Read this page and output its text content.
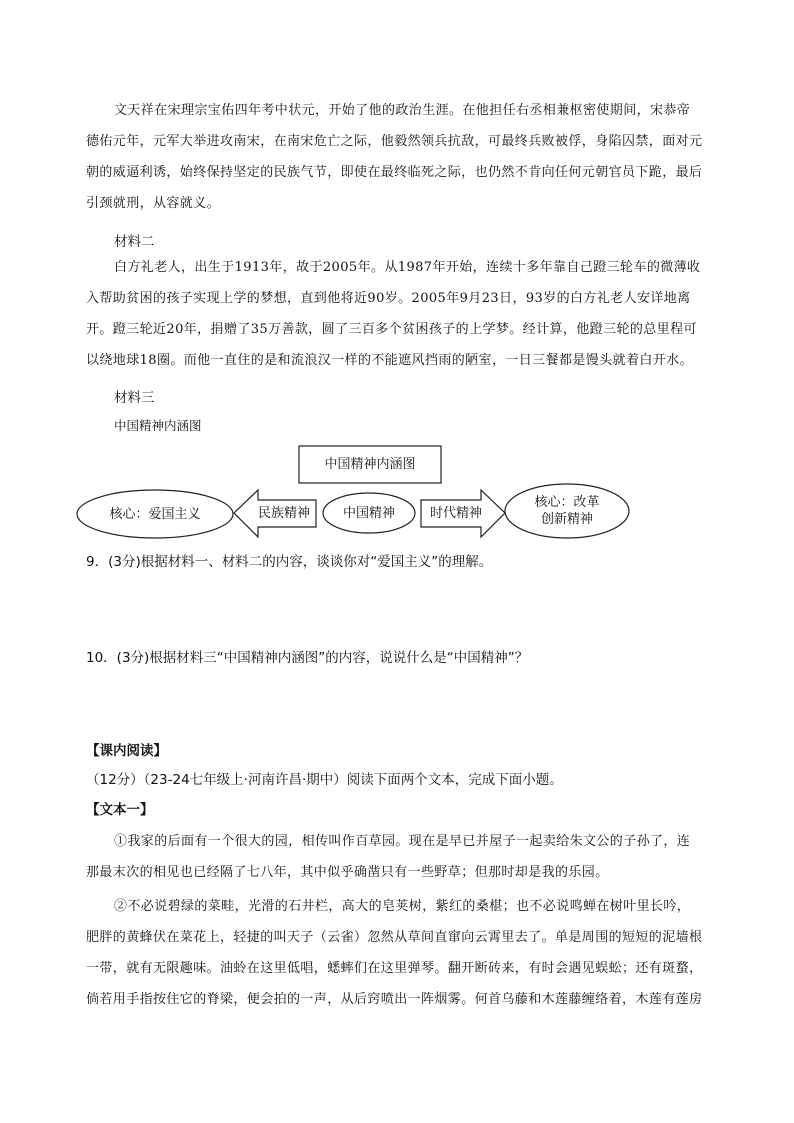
文天祥在宋理宗宝佑四年考中状元，开始了他的政治生涯。在他担任右丞相兼枢密使期间，宋恭帝
德佑元年，元军大举进攻南宋，在南宋危亡之际，他毅然领兵抗敌，可最终兵败被俘，身陷囚禁，面对元
朝的威逼利诱，始终保持坚定的民族气节，即使在最终临死之际，也仍然不肯向任何元朝官员下跪，最后
引颈就刑，从容就义。
材料二
白方礼老人，出生于1913年，故于2005年。从1987年开始，连续十多年靠自己蹬三轮车的微薄收
入帮助贫困的孩子实现上学的梦想，直到他将近90岁。2005年9月23日，93岁的白方礼老人安详地离
开。蹬三轮近20年，捐赠了35万善款，圆了三百多个贫困孩子的上学梦。经计算，他蹬三轮的总里程可
以绕地球18圈。而他一直住的是和流浪汉一样的不能遮风挡雨的陋室，一日三餐都是馒头就着白开水。
材料三
中国精神内涵图
中国精神内涵图
核心：爱国主义	民族精神	中国精神	时代精神
核心：改革
创新精神
9．(3分)根据材料一、材料二的内容，谈谈你对“爱国主义”的理解。
10．(3分)根据材料三“中国精神内涵图”的内容，说说什么是“中国精神”？
【课内阅读】
（12分）（23-24七年级上·河南许昌·期中）阅读下面两个文本，完成下面小题。
【文本一】
①我家的后面有一个很大的园，相传叫作百草园。现在是早已并屋子一起卖给朱文公的子孙了，连
那最末次的相见也已经隔了七八年，其中似乎确凿只有一些野草；但那时却是我的乐园。
②不必说碧绿的菜畦，光滑的石井栏，高大的皂荚树，紫红的桑椹；也不必说鸣蝉在树叶里长吟，
肥胖的黄蜂伏在菜花上，轻捷的叫天子（云雀）忽然从草间直窜向云霄里去了。单是周围的短短的泥墙根
一带，就有无限趣味。油蛉在这里低唱，蟋蟀们在这里弹琴。翻开断砖来，有时会遇见蜈蚣；还有斑蝥，
倘若用手指按住它的脊梁，便会拍的一声，从后窍喷出一阵烟雾。何首乌藤和木莲藤缠络着，木莲有莲房
